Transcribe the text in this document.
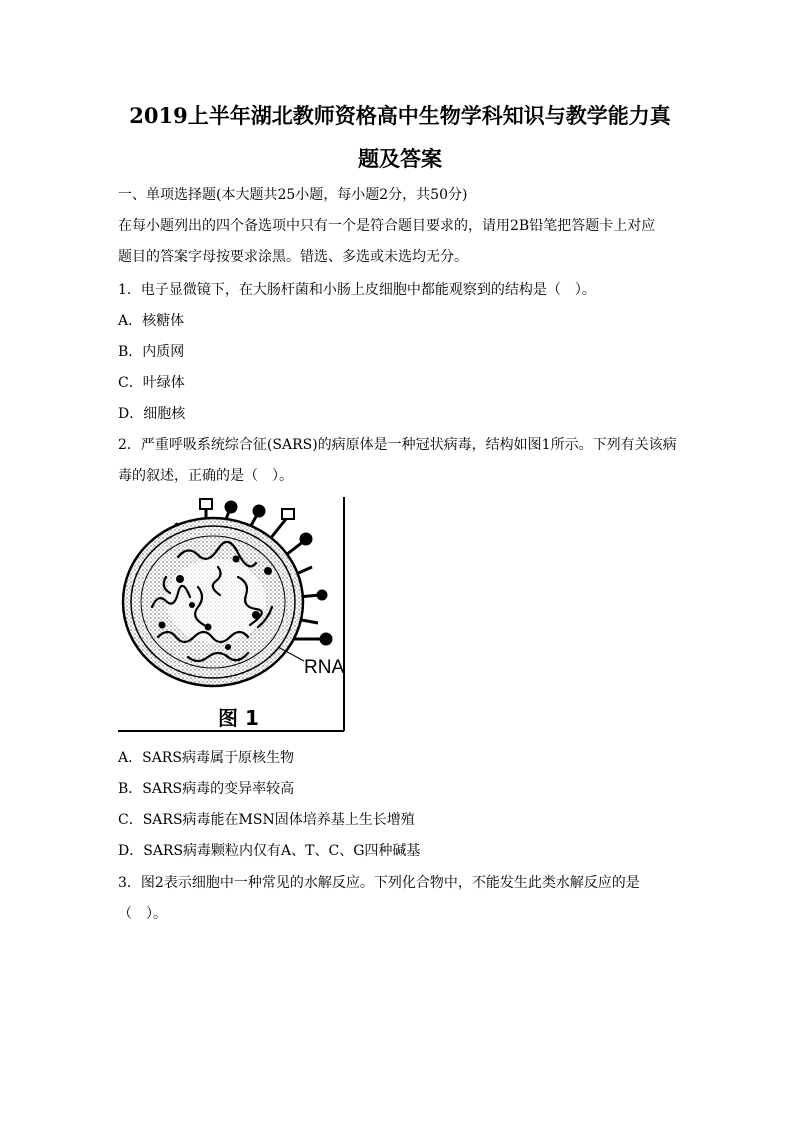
2019上半年湖北教师资格高中生物学科知识与教学能力真
题及答案
一、单项选择题(本大题共25小题，每小题2分，共50分)
在每小题列出的四个备选项中只有一个是符合题目要求的，请用2B铅笔把答题卡上对应
题目的答案字母按要求涂黑。错选、多选或未选均无分。
1．电子显微镜下，在大肠杆菌和小肠上皮细胞中都能观察到的结构是（　）。
A．核糖体
B．内质网
C．叶绿体
D．细胞核
2．严重呼吸系统综合征(SARS)的病原体是一种冠状病毒，结构如图1所示。下列有关该病
毒的叙述，正确的是（　）。
RNA
图 1
A．SARS病毒属于原核生物
B．SARS病毒的变异率较高
C．SARS病毒能在MSN固体培养基上生长增殖
D．SARS病毒颗粒内仅有A、T、C、G四种碱基
3．图2表示细胞中一种常见的水解反应。下列化合物中，不能发生此类水解反应的是
（　）。
